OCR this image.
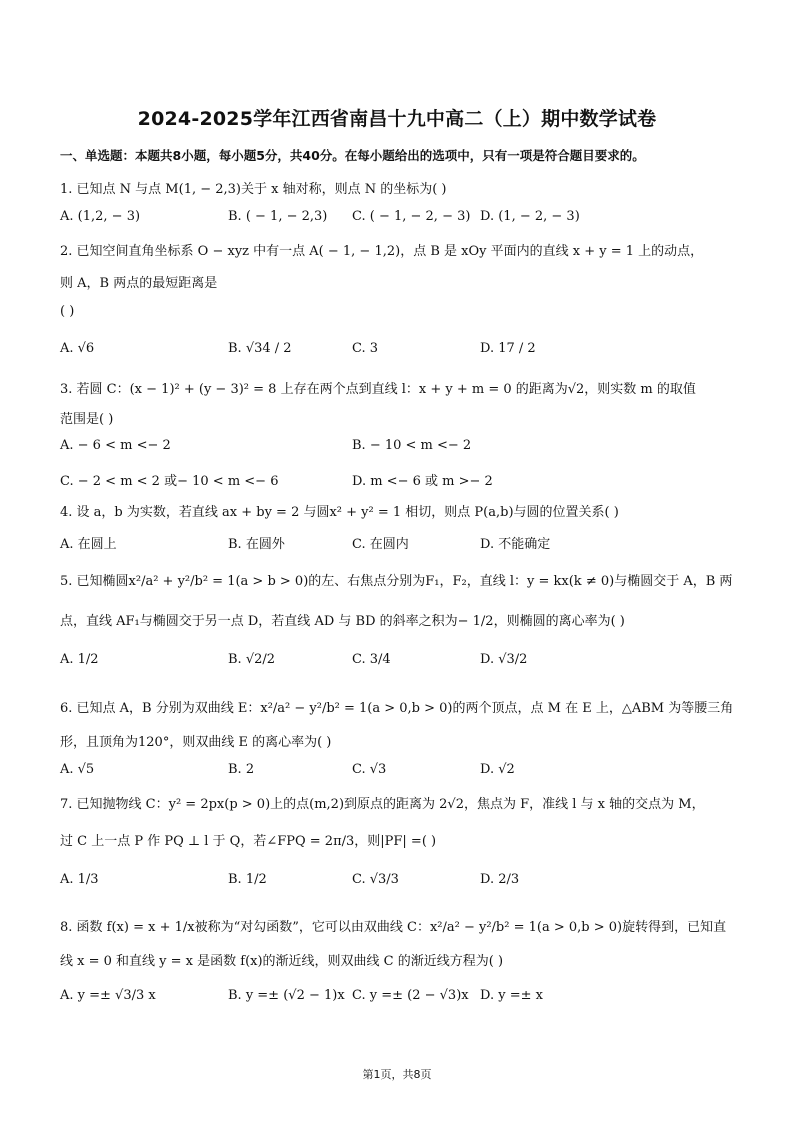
2024-2025学年江西省南昌十九中高二（上）期中数学试卷
一、单选题：本题共8小题，每小题5分，共40分。在每小题给出的选项中，只有一项是符合题目要求的。
1. 已知点 N 与点 M(1, − 2,3)关于 x 轴对称，则点 N 的坐标为( )
A. (1,2, − 3)	B. ( − 1, − 2,3) C. ( − 1, − 2, − 3) D. (1, − 2, − 3)
2. 已知空间直角坐标系 O − xyz 中有一点 A( − 1, − 1,2)，点 B 是 xOy 平面内的直线 x + y = 1 上的动点，
则 A，B 两点的最短距离是
( )
A. √6	B. √34 / 2	C. 3	D. 17 / 2
3. 若圆 C：(x − 1)² + (y − 3)² = 8 上存在两个点到直线 l：x + y + m = 0 的距离为√2，则实数 m 的取值
范围是( )
A. − 6 < m <− 2	B. − 10 < m <− 2
C. − 2 < m < 2 或− 10 < m <− 6	D. m <− 6 或 m >− 2
4. 设 a，b 为实数，若直线 ax + by = 2 与圆x² + y² = 1 相切，则点 P(a,b)与圆的位置关系( )
A. 在圆上	B. 在圆外	C. 在圆内	D. 不能确定
5. 已知椭圆x²/a² + y²/b² = 1(a > b > 0)的左、右焦点分别为F₁，F₂，直线 l：y = kx(k ≠ 0)与椭圆交于 A，B 两
点，直线 AF₁与椭圆交于另一点 D，若直线 AD 与 BD 的斜率之积为− 1/2，则椭圆的离心率为( )
A. 1/2	B. √2/2	C. 3/4	D. √3/2
6. 已知点 A，B 分别为双曲线 E：x²/a² − y²/b² = 1(a > 0,b > 0)的两个顶点，点 M 在 E 上，△ABM 为等腰三角
形，且顶角为120°，则双曲线 E 的离心率为( )
A. √5	B. 2	C. √3	D. √2
7. 已知抛物线 C：y² = 2px(p > 0)上的点(m,2)到原点的距离为 2√2，焦点为 F，准线 l 与 x 轴的交点为 M，
过 C 上一点 P 作 PQ ⊥ l 于 Q，若∠FPQ = 2π/3，则|PF| =( )
A. 1/3	B. 1/2	C. √3/3	D. 2/3
8. 函数 f(x) = x + 1/x被称为“对勾函数”，它可以由双曲线 C：x²/a² − y²/b² = 1(a > 0,b > 0)旋转得到，已知直
线 x = 0 和直线 y = x 是函数 f(x)的渐近线，则双曲线 C 的渐近线方程为( )
A. y =± √3/3 x	B. y =± (√2 − 1)x C. y =± (2 − √3)x D. y =± x
第1页，共8页
